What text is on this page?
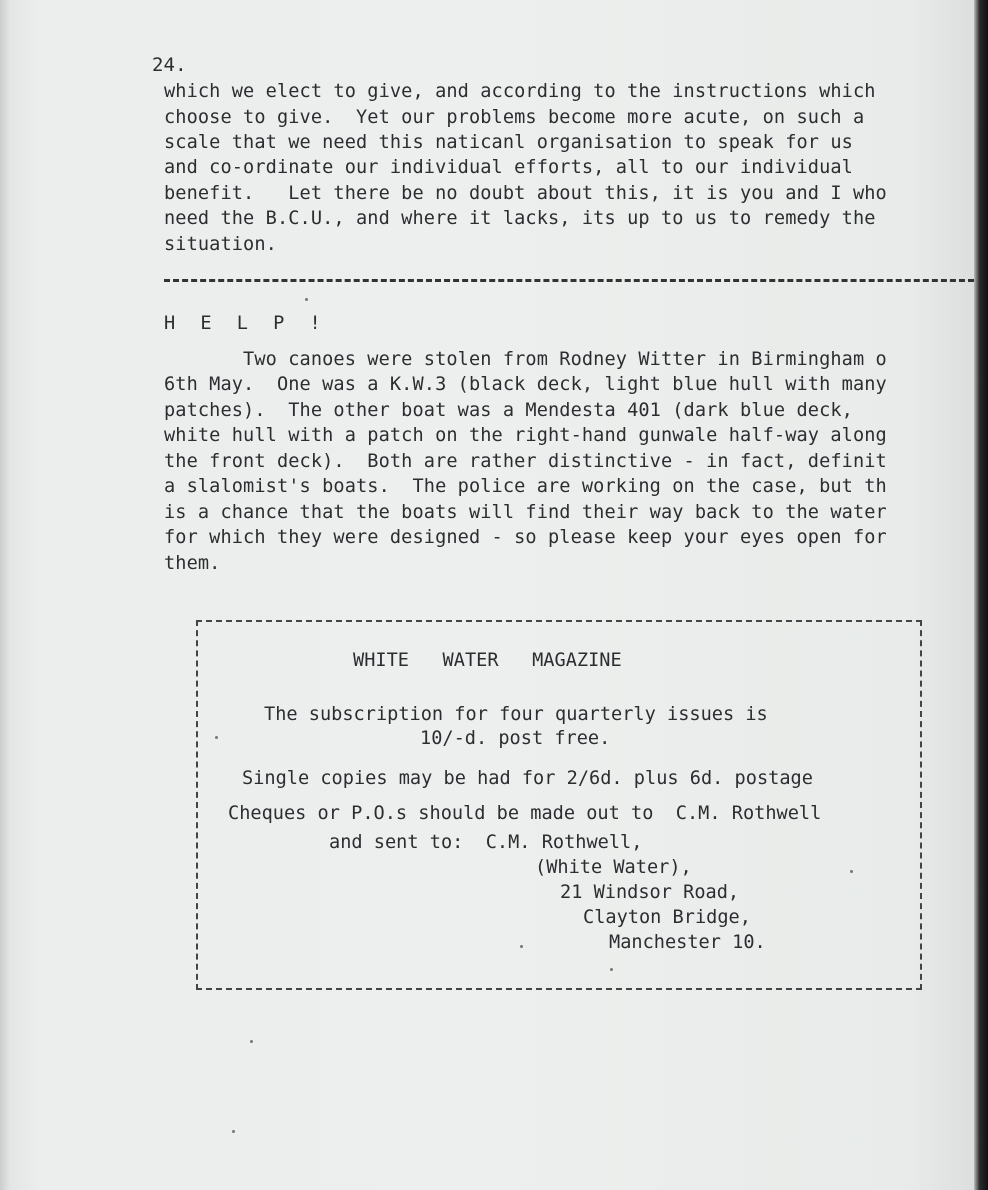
24.
which we elect to give, and according to the instructions which
choose to give.  Yet our problems become more acute, on such a
scale that we need this naticanl organisation to speak for us
and co-ordinate our individual efforts, all to our individual
benefit.   Let there be no doubt about this, it is you and I who
need the B.C.U., and where it lacks, its up to us to remedy the
situation.
H E L P !
Two canoes were stolen from Rodney Witter in Birmingham o
6th May.  One was a K.W.3 (black deck, light blue hull with many
patches).  The other boat was a Mendesta 401 (dark blue deck,
white hull with a patch on the right-hand gunwale half-way along
the front deck).  Both are rather distinctive - in fact, definit
a slalomist's boats.  The police are working on the case, but th
is a chance that the boats will find their way back to the water
for which they were designed - so please keep your eyes open for
them.
WHITE   WATER   MAGAZINE
The subscription for four quarterly issues is
10/-d. post free.
Single copies may be had for 2/6d. plus 6d. postage
Cheques or P.O.s should be made out to  C.M. Rothwell
and sent to:  C.M. Rothwell,
(White Water),
21 Windsor Road,
Clayton Bridge,
Manchester 10.
